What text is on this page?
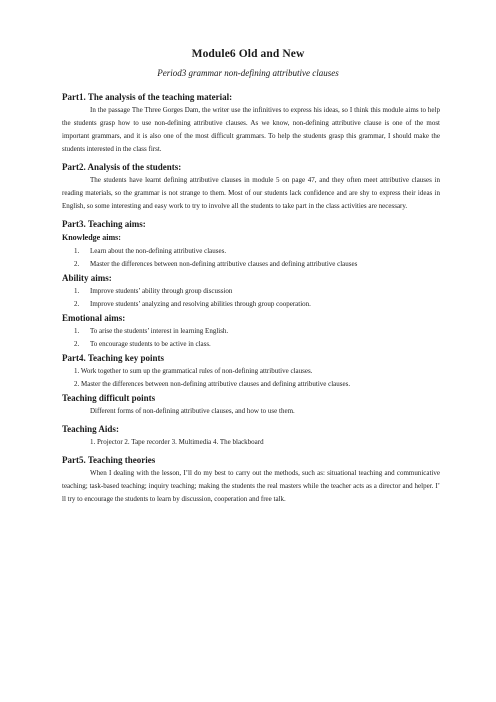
Module6 Old and New
Period3 grammar non-defining attributive clauses

Part1. The analysis of the teaching material:

In the passage The Three Gorges Dam, the writer use the infinitives to express his ideas, so I think this module aims to help the students grasp how to use non-defining attributive clauses. As we know, non-defining attributive clause is one of the most important grammars, and it is also one of the most difficult grammars. To help the students grasp this grammar, I should make the students interested in the class first.

Part2. Analysis of the students:

The students have learnt defining attributive clauses in module 5 on page 47, and they often meet attributive clauses in reading materials, so the grammar is not strange to them. Most of our students lack confidence and are shy to express their ideas in English, so some interesting and easy work to try to involve all the students to take part in the class activities are necessary.

Part3. Teaching aims:

Knowledge aims:

1. Learn about the non-defining attributive clauses.

2. Master the differences between non-defining attributive clauses and defining attributive clauses

Ability aims:

1. Improve students’ ability through group discussion

2. Improve students’ analyzing and resolving abilities through group cooperation.

Emotional aims:

1. To arise the students’ interest in learning English.

2. To encourage students to be active in class.

Part4. Teaching key points

1. Work together to sum up the grammatical rules of non-defining attributive clauses.

2. Master the differences between non-defining attributive clauses and defining attributive clauses.

Teaching difficult points

Different forms of non-defining attributive clauses, and how to use them.

Teaching Aids:

1. Projector 2. Tape recorder 3. Multimedia 4. The blackboard

Part5. Teaching theories

When I dealing with the lesson, I’ll do my best to carry out the methods, such as: situational teaching and communicative teaching; task-based teaching; inquiry teaching; making the students the real masters while the teacher acts as a director and helper. I’ ll try to encourage the students to learn by discussion, cooperation and free talk.
